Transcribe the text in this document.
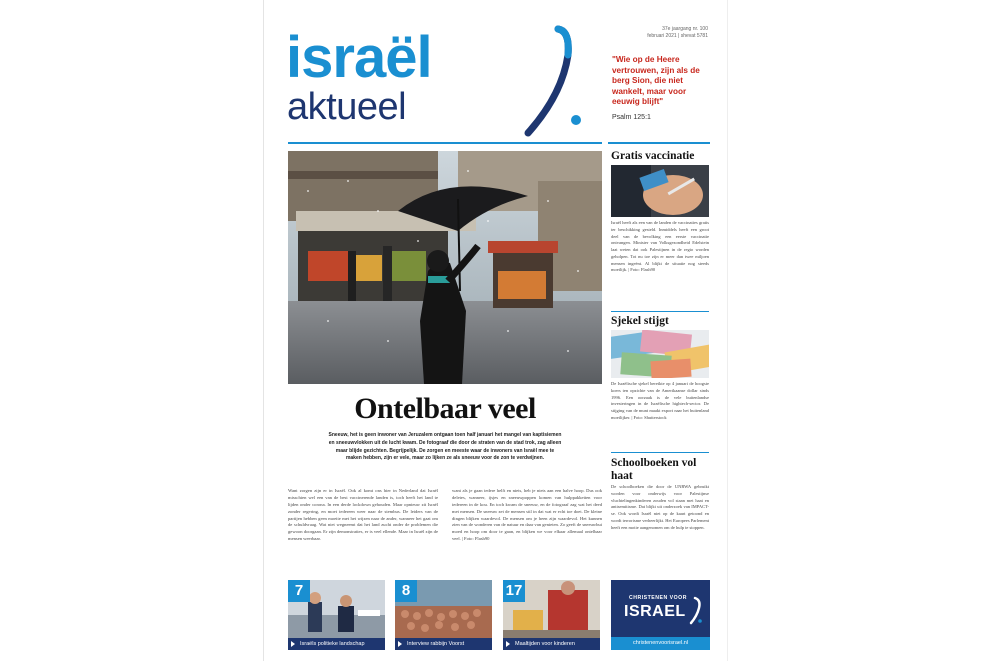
israël
aktueel
37e jaargang nr. 100
februari 2021 | shevat 5781
"Wie op de Heere vertrouwen, zijn als de berg Sion, die niet wankelt, maar voor eeuwig blijft"
Psalm 125:1
Ontelbaar veel
Sneeuw, het is geen inwoner van Jeruzalem ontgaan toen half januari het mangel van kaptisiemen en sneeuwvlokken uit de lucht kwam. De fotograaf die door de straten van de stad trok, zag alleen maar blijde gezichten. Begrijpelijk. De zorgen en meeste waar de inwoners van Israël mee te maken hebben, zijn er vele, maar zo lijken ze als sneeuw voor de zon te verdwijnen.
Want zorgen zijn er in Israël. Ook al komt ons hier in Nederland dat Israël misschien wel een van de best vaccinerende landen is, toch heeft het land te lijden onder corona. In een derde lockdown gehouden. Maar opnieuw zit Israël zonder regering, en moet iedereen weer naar de stembus. De leiders van de partijen hebben geen moeite met het wijzen naar de ander, wanneer het gaat om de schuldvraag. Wat niet wegneemt dat het land zucht onder de problemen die gewoon doorgaan. Er zijn demonstraties, er is veel ellende. Maar in Israël zijn de mensen weerbaar.
want als je gaan iedere helft en niets, heb je niets aan een halve hoop. Dus ook deletes, wanneer, ijsjes en sneeuwpoppen komen van hulppakketten voor iedereen in de kou. En toch kwam de sneeuw, en de fotograaf zag wat het deed met mensen. De sneeuw zet de mensen stil in dat wat er echt toe doet. De kleine dingen blijken waardevol. De mensen om je heen zijn waardevol. Het kunnen zien van de wonderen van de natuur en daar van genieten. Zo geeft de sneeuwbui moed en hoop om door te gaan, en blijken we voor elkaar allemaal ontelbaar veel. | Foto: Flash90
Gratis vaccinatie
Israël heeft als een van de landen de vaccinaties gratis ter beschikking gesteld. Inmiddels heeft een groot deel van de bevolking een eerste vaccinatie ontvangen. Minister van Volksgezondheid Edelstein laat weten dat ook Palestijnen in de regio worden geholpen. Tot nu toe zijn er meer dan twee miljoen mensen ingeënt. Al blijkt de situatie nog steeds moeilijk. | Foto: Flash90
Sjekel stijgt
De Israëlische sjekel bereikte op 4 januari de hoogste koers ten opzichte van de Amerikaanse dollar sinds 1996. Een oorzaak is de vele buitenlandse investeringen in de Israëlische hightech-sector. De stijging van de munt maakt export naar het buitenland moeilijker. | Foto: Shutterstock
Schoolboeken vol haat
De schoolboeken die door de UNRWA gebruikt worden voor onderwijs voor Palestijnse vluchtelingenkinderen zouden vol staan met haat en antisemitisme. Dat blijkt uit onderzoek van IMPACT-se. Ook wordt Israël niet op de kaart getoond en wordt terrorisme verheerlijkt. Het Europees Parlement heeft een motie aangenomen om de hulp te stoppen.
7
Israëls politieke landschap
8
Interview rabbijn Voorst
17
Maaltijden voor kinderen
CHRISTENEN VOOR
ISRAEL
christenenvoorisrael.nl
